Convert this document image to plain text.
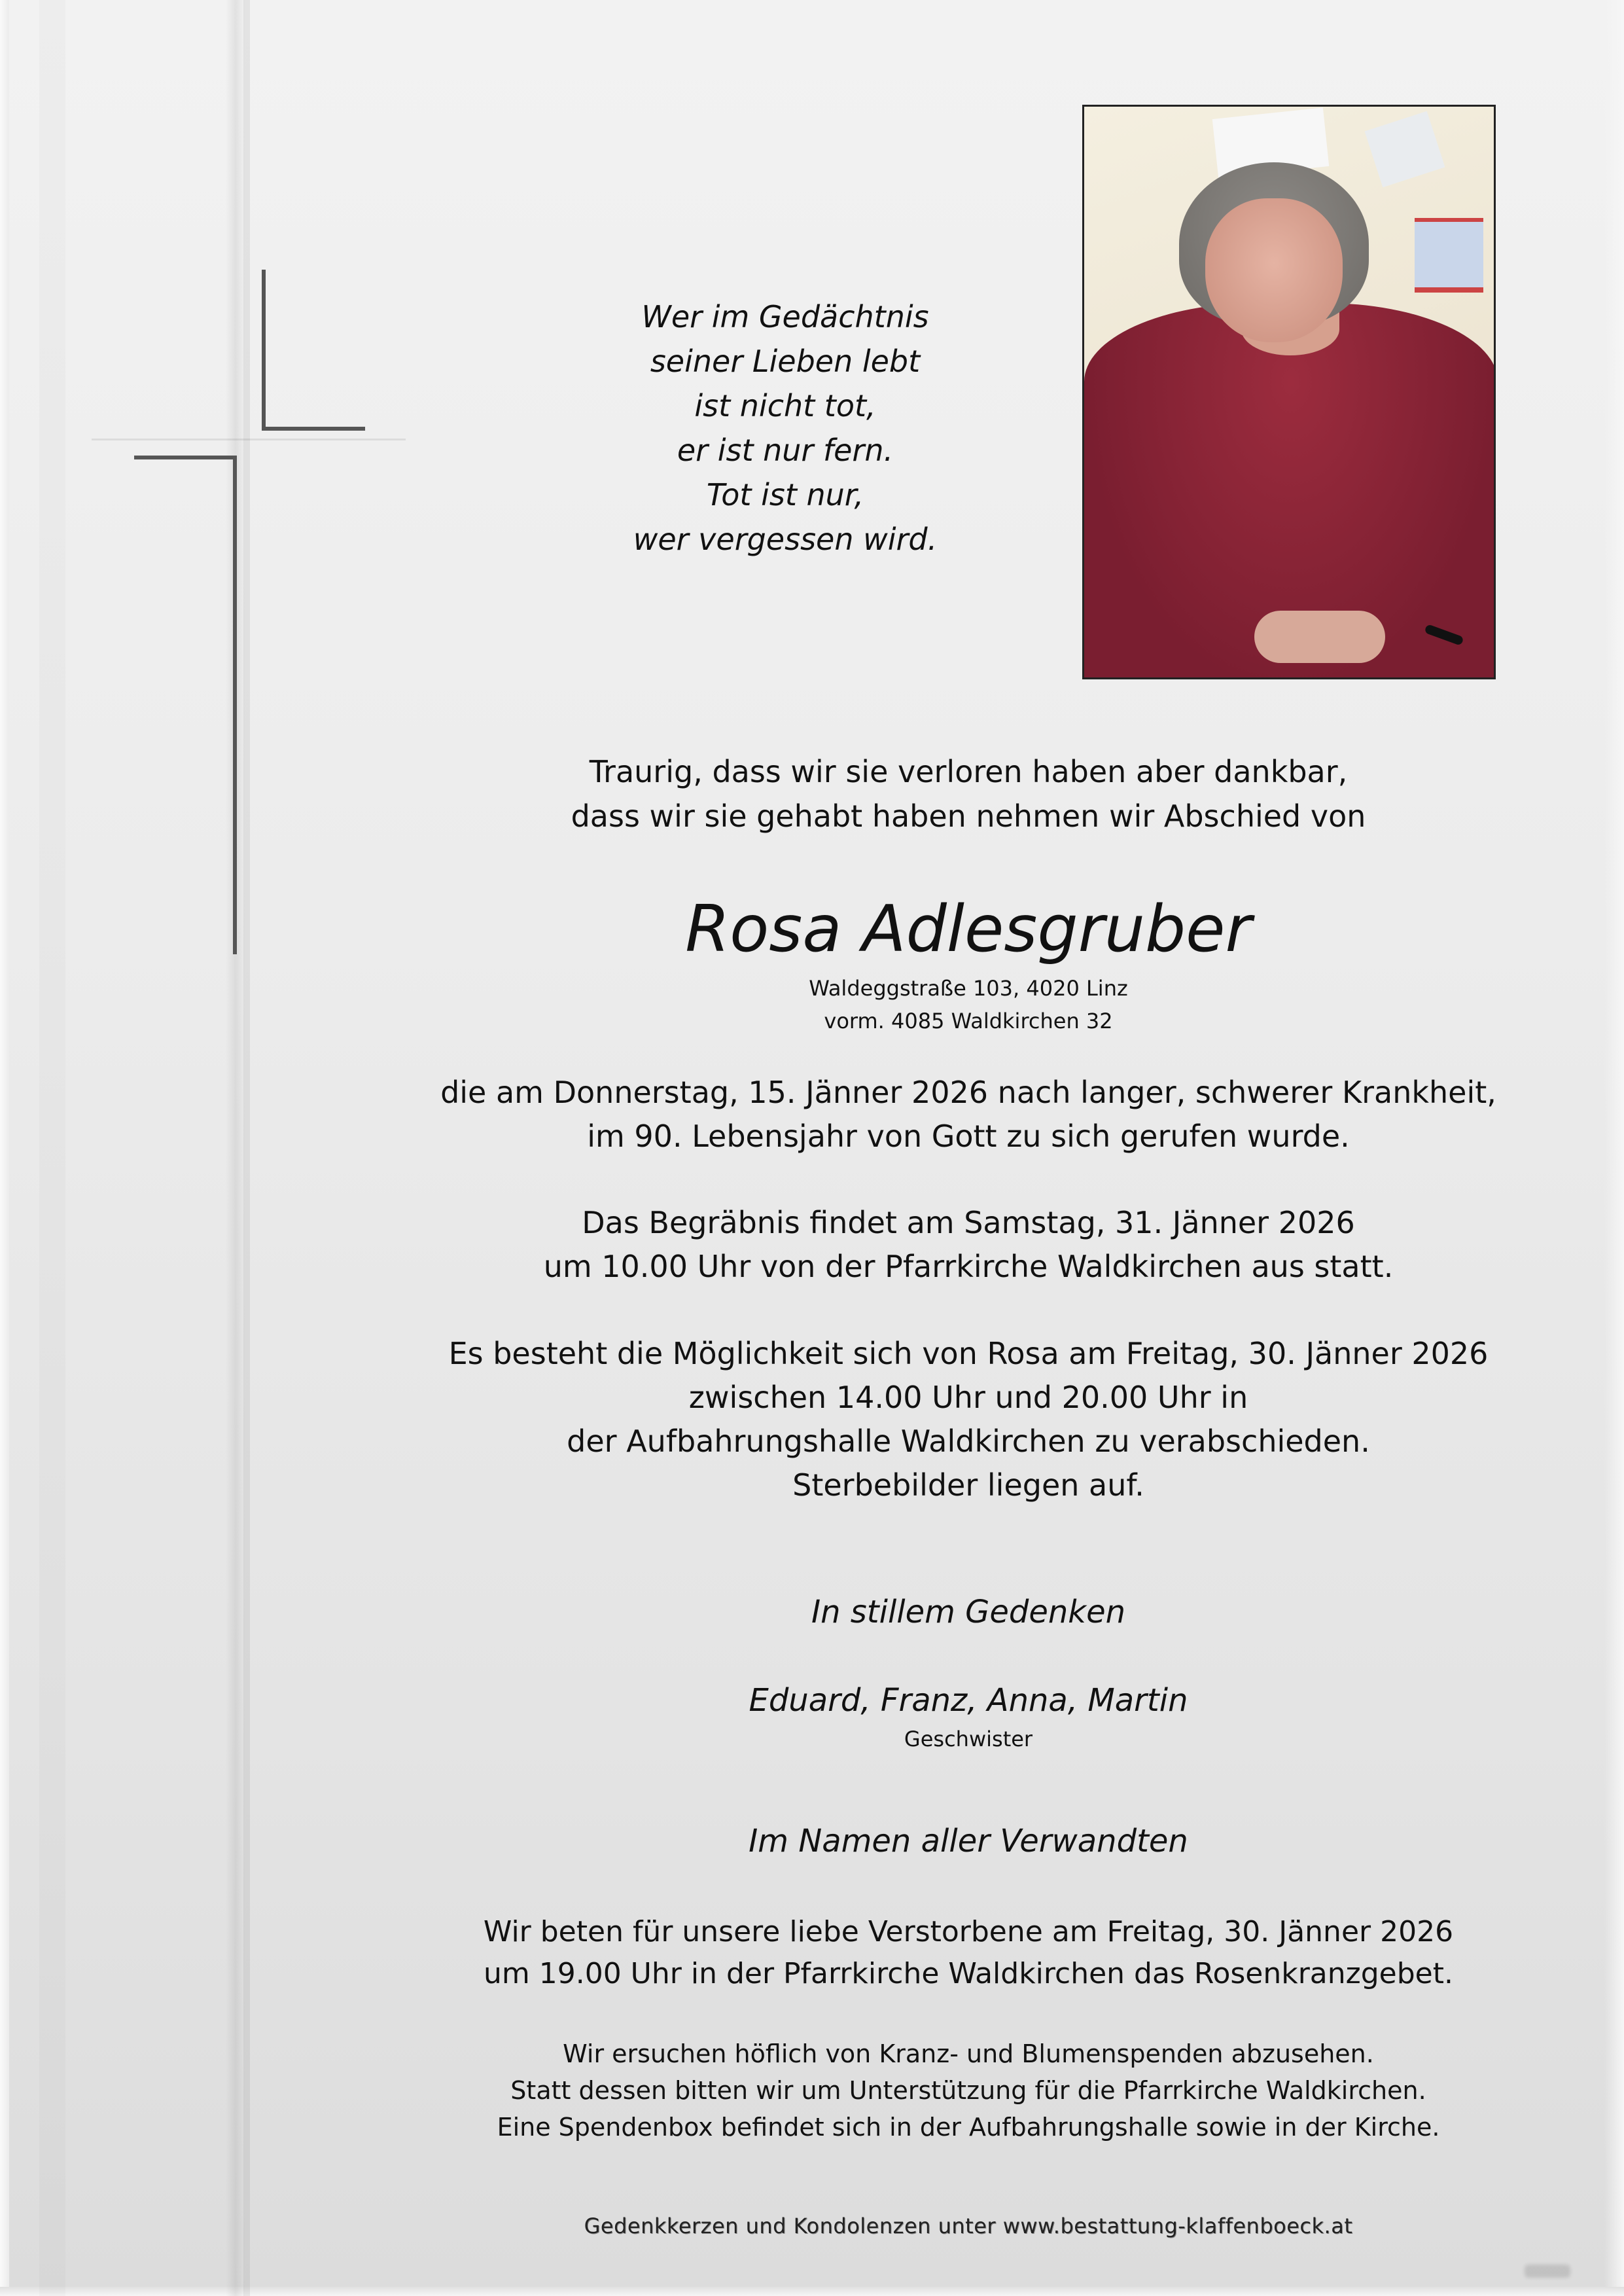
Wer im Gedächtnis
seiner Lieben lebt
ist nicht tot,
er ist nur fern.
Tot ist nur,
wer vergessen wird.
Traurig, dass wir sie verloren haben aber dankbar,
dass wir sie gehabt haben nehmen wir Abschied von
Rosa Adlesgruber
Waldeggstraße 103, 4020 Linz
vorm. 4085 Waldkirchen 32
die am Donnerstag, 15. Jänner 2026 nach langer, schwerer Krankheit,
im 90. Lebensjahr von Gott zu sich gerufen wurde.
Das Begräbnis findet am Samstag, 31. Jänner 2026
um 10.00 Uhr von der Pfarrkirche Waldkirchen aus statt.
Es besteht die Möglichkeit sich von Rosa am Freitag, 30. Jänner 2026
zwischen 14.00 Uhr und 20.00 Uhr in
der Aufbahrungshalle Waldkirchen zu verabschieden.
Sterbebilder liegen auf.
In stillem Gedenken
Eduard, Franz, Anna, Martin
Geschwister
Im Namen aller Verwandten
Wir beten für unsere liebe Verstorbene am Freitag, 30. Jänner 2026
um 19.00 Uhr in der Pfarrkirche Waldkirchen das Rosenkranzgebet.
Wir ersuchen höflich von Kranz- und Blumenspenden abzusehen.
Statt dessen bitten wir um Unterstützung für die Pfarrkirche Waldkirchen.
Eine Spendenbox befindet sich in der Aufbahrungshalle sowie in der Kirche.
Gedenkkerzen und Kondolenzen unter www.bestattung-klaffenboeck.at
